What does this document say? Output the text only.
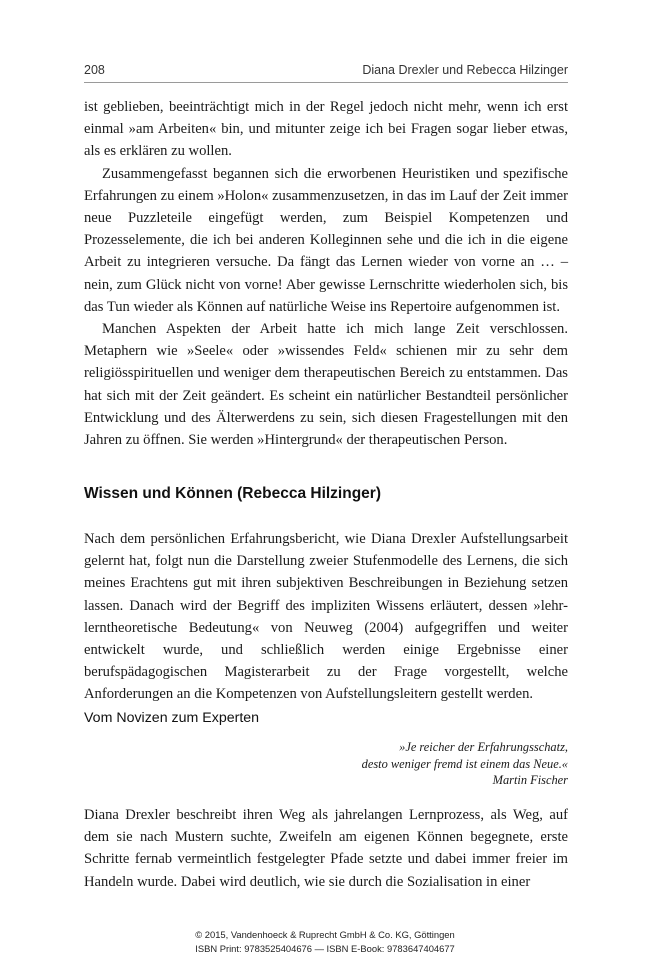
208	Diana Drexler und Rebecca Hilzinger

ist geblieben, beeinträchtigt mich in der Regel jedoch nicht mehr, wenn ich erst einmal »am Arbeiten« bin, und mitunter zeige ich bei Fragen sogar lieber etwas, als es erklären zu wollen.

Zusammengefasst begannen sich die erworbenen Heuristiken und spezifische Erfahrungen zu einem »Holon« zusammenzusetzen, in das im Lauf der Zeit immer neue Puzzleteile eingefügt werden, zum Beispiel Kompetenzen und Prozesselemente, die ich bei anderen Kolleginnen sehe und die ich in die eigene Arbeit zu integrieren versuche. Da fängt das Lernen wieder von vorne an … – nein, zum Glück nicht von vorne! Aber gewisse Lernschritte wiederholen sich, bis das Tun wieder als Können auf natürliche Weise ins Repertoire aufgenommen ist.

Manchen Aspekten der Arbeit hatte ich mich lange Zeit verschlossen. Metaphern wie »Seele« oder »wissendes Feld« schienen mir zu sehr dem religiösspirituellen und weniger dem therapeutischen Bereich zu entstammen. Das hat sich mit der Zeit geändert. Es scheint ein natürlicher Bestandteil persönlicher Entwicklung und des Älterwerdens zu sein, sich diesen Fragestellungen mit den Jahren zu öffnen. Sie werden »Hintergrund« der therapeutischen Person.

Wissen und Können (Rebecca Hilzinger)

Nach dem persönlichen Erfahrungsbericht, wie Diana Drexler Aufstellungsarbeit gelernt hat, folgt nun die Darstellung zweier Stufenmodelle des Lernens, die sich meines Erachtens gut mit ihren subjektiven Beschreibungen in Beziehung setzen lassen. Danach wird der Begriff des impliziten Wissens erläutert, dessen »lehr-lerntheoretische Bedeutung« von Neuweg (2004) aufgegriffen und weiter entwickelt wurde, und schließlich werden einige Ergebnisse einer berufspädagogischen Magisterarbeit zu der Frage vorgestellt, welche Anforderungen an die Kompetenzen von Aufstellungsleitern gestellt werden.

Vom Novizen zum Experten
»Je reicher der Erfahrungsschatz,
desto weniger fremd ist einem das Neue.«
Martin Fischer

Diana Drexler beschreibt ihren Weg als jahrelangen Lernprozess, als Weg, auf dem sie nach Mustern suchte, Zweifeln am eigenen Können begegnete, erste Schritte fernab vermeintlich festgelegter Pfade setzte und dabei immer freier im Handeln wurde. Dabei wird deutlich, wie sie durch die Sozialisation in einer

© 2015, Vandenhoeck & Ruprecht GmbH & Co. KG, Göttingen
ISBN Print: 9783525404676 — ISBN E-Book: 9783647404677
